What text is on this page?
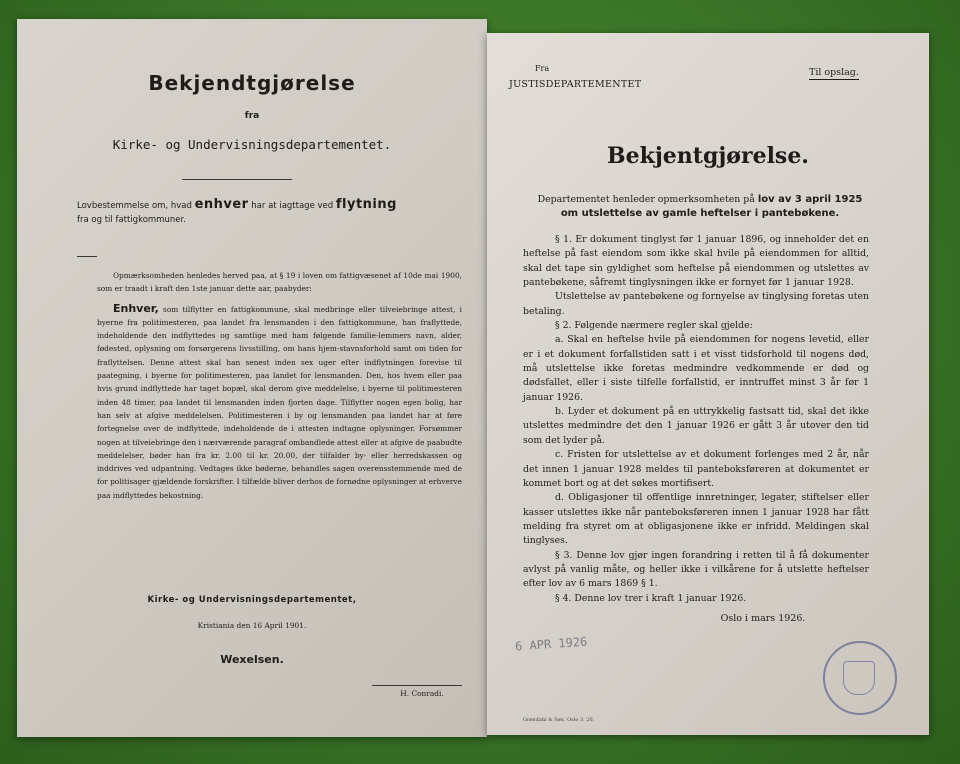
Bekjendtgjørelse
fra
Kirke- og Undervisningsdepartementet.
Lovbestemmelse om, hvad enhver har at iagttage ved flytning
fra og til fattigkommuner.

Opmærksomheden henledes herved paa, at § 19 i loven om fattigvæsenet af 10de mai 1900, som er traadt i kraft den 1ste januar dette aar, paabyder:

Enhver, som tilflytter en fattigkommune, skal medbringe eller tilveiebringe attest, i byerne fra politimesteren, paa landet fra lensmanden i den fattigkommune, han fraflyttede, indeholdende den indflyttedes og samtlige med ham følgende familie-lemmers navn, alder, fødested, oplysning om forsørgerens livsstilling, om hans hjem-stavnsforhold samt om tiden for fraflyttelsen. Denne attest skal han senest inden sex uger efter indflytningen forevise til paategning, i byerne for politimesteren, paa landet for lensmanden. Den, hos hvem eller paa hvis grund indflyttede har taget bopæl, skal derom give meddelelse, i byerne til politimesteren inden 48 timer, paa landet til lensmanden inden fjorten dage. Tilflytter nogen egen bolig, har han selv at afgive meddelelsen. Politimesteren i by og lensmanden paa landet har at føre fortegnelse over de indflyttede, indeholdende de i attesten indtagne oplysninger. Forsømmer nogen at tilveiebringe den i nærværende paragraf ombandlede attest eller at afgive de paabudte meddelelser, bøder han fra kr. 2.00 til kr. 20.00, der tilfalder by- eller herredskassen og inddrives ved udpantning. Vedtages ikke bøderne, behandles sagen overensstemmende med de for politisager gjældende forskrifter. I tilfælde bliver derhos de fornødne oplysninger at erhverve paa indflyttedes bekostning.

Kirke- og Undervisningsdepartementet,
Kristiania den 16 April 1901.
Wexelsen.
H. Conradi.
Fra
JUSTISDEPARTEMENTET
Til opslag.
Bekjentgjørelse.
Departementet henleder opmerksomheten på lov av 3 april 1925 om utslettelse av gamle heftelser i pantebøkene.

§ 1. Er dokument tinglyst før 1 januar 1896, og inneholder det en heftelse på fast eiendom som ikke skal hvile på eiendommen for alltid, skal det tape sin gyldighet som heftelse på eiendommen og utslettes av pantebøkene, såfremt tinglysningen ikke er fornyet før 1 januar 1928.

Utslettelse av pantebøkene og fornyelse av tinglysing foretas uten betaling.

§ 2. Følgende nærmere regler skal gjelde:

a. Skal en heftelse hvile på eiendommen for nogens levetid, eller er i et dokument forfallstiden satt i et visst tidsforhold til nogens død, må utslettelse ikke foretas medmindre vedkommende er død og dødsfallet, eller i siste tilfelle forfallstid, er inntruffet minst 3 år før 1 januar 1926.

b. Lyder et dokument på en uttrykkelig fastsatt tid, skal det ikke utslettes medmindre det den 1 januar 1926 er gått 3 år utover den tid som det lyder på.

c. Fristen for utslettelse av et dokument forlenges med 2 år, når det innen 1 januar 1928 meldes til panteboksføreren at dokumentet er kommet bort og at det søkes mortifisert.

d. Obligasjoner til offentlige innretninger, legater, stiftelser eller kasser utslettes ikke når panteboksføreren innen 1 januar 1928 har fått melding fra styret om at obligasjonene ikke er infridd. Meldingen skal tinglyses.

§ 3. Denne lov gjør ingen forandring i retten til å få dokumenter avlyst på vanlig måte, og heller ikke i vilkårene for å utslette heftelser efter lov av 6 mars 1869 § 1.

§ 4. Denne lov trer i kraft 1 januar 1926.

Oslo i mars 1926.
6 APR 1926
Grøndahl & Søn. Oslo 3. 26.
